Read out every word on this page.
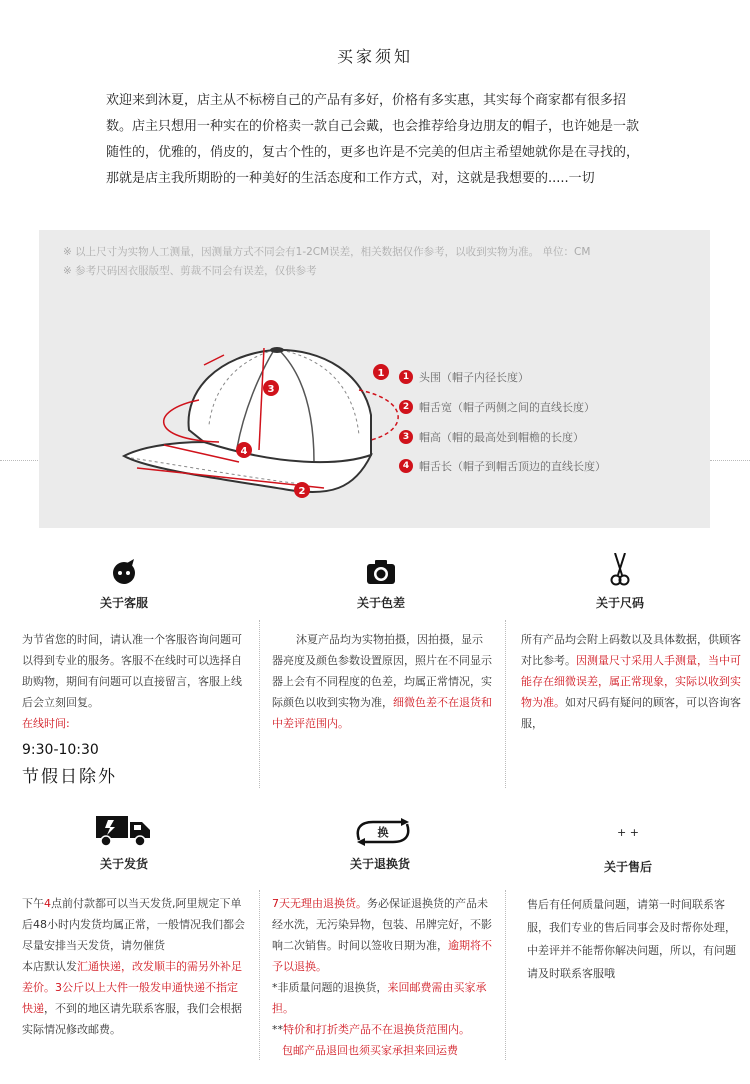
买家须知
欢迎来到沐夏，店主从不标榜自己的产品有多好，价格有多实惠，其实每个商家都有很多招数。店主只想用一种实在的价格卖一款自己会戴，也会推荐给身边朋友的帽子，也许她是一款随性的，优雅的，俏皮的，复古个性的，更多也许是不完美的但店主希望她就你是在寻找的，那就是店主我所期盼的一种美好的生活态度和工作方式，对，这就是我想要的.....一切
※ 以上尺寸为实物人工测量，因测量方式不同会有1-2CM误差，相关数据仅作参考，以收到实物为准。 单位：CM
※ 参考尺码因衣服版型、剪裁不同会有误差，仅供参考
1
2
3
4
1 头围（帽子内径长度）
2 帽舌宽（帽子两侧之间的直线长度）
3 帽高（帽的最高处到帽檐的长度）
4 帽舌长（帽子到帽舌顶边的直线长度）
关于客服	关于色差	关于尺码
为节省您的时间，请认准一个客服咨询问题可以得到专业的服务。客服不在线时可以选择自助购物，期间有问题可以直接留言，客服上线后会立刻回复。
在线时间:
9:30-10:30
节假日除外
沐夏产品均为实物拍摄，因拍摄，显示器亮度及颜色参数设置原因，照片在不同显示器上会有不同程度的色差，均属正常情况，实际颜色以收到实物为准，细微色差不在退货和中差评范围内。
所有产品均会附上码数以及具体数据，供顾客对比参考。因测量尺寸采用人手测量，当中可能存在细微误差，属正常现象，实际以收到实物为准。如对尺码有疑问的顾客，可以咨询客服，
关于发货
换
关于退换货
+ +
关于售后
下午4点前付款都可以当天发货,阿里规定下单后48小时内发货均属正常，一般情况我们都会尽量安排当天发货，请勿催货
本店默认发汇通快递，改发顺丰的需另外补足差价。3公斤以上大件一般发申通快递不指定快递，不到的地区请先联系客服，我们会根据实际情况修改邮费。
7天无理由退换货。务必保证退换货的产品未经水洗，无污染异物，包装、吊牌完好，不影响二次销售。时间以签收日期为准，逾期将不予以退换。
*非质量问题的退换货，来回邮费需由买家承担。
**特价和打折类产品不在退换货范围内。
包邮产品退回也须买家承担来回运费
售后有任何质量问题，请第一时间联系客服，我们专业的售后同事会及时帮你处理，中差评并不能帮你解决问题，所以，有问题请及时联系客服哦
